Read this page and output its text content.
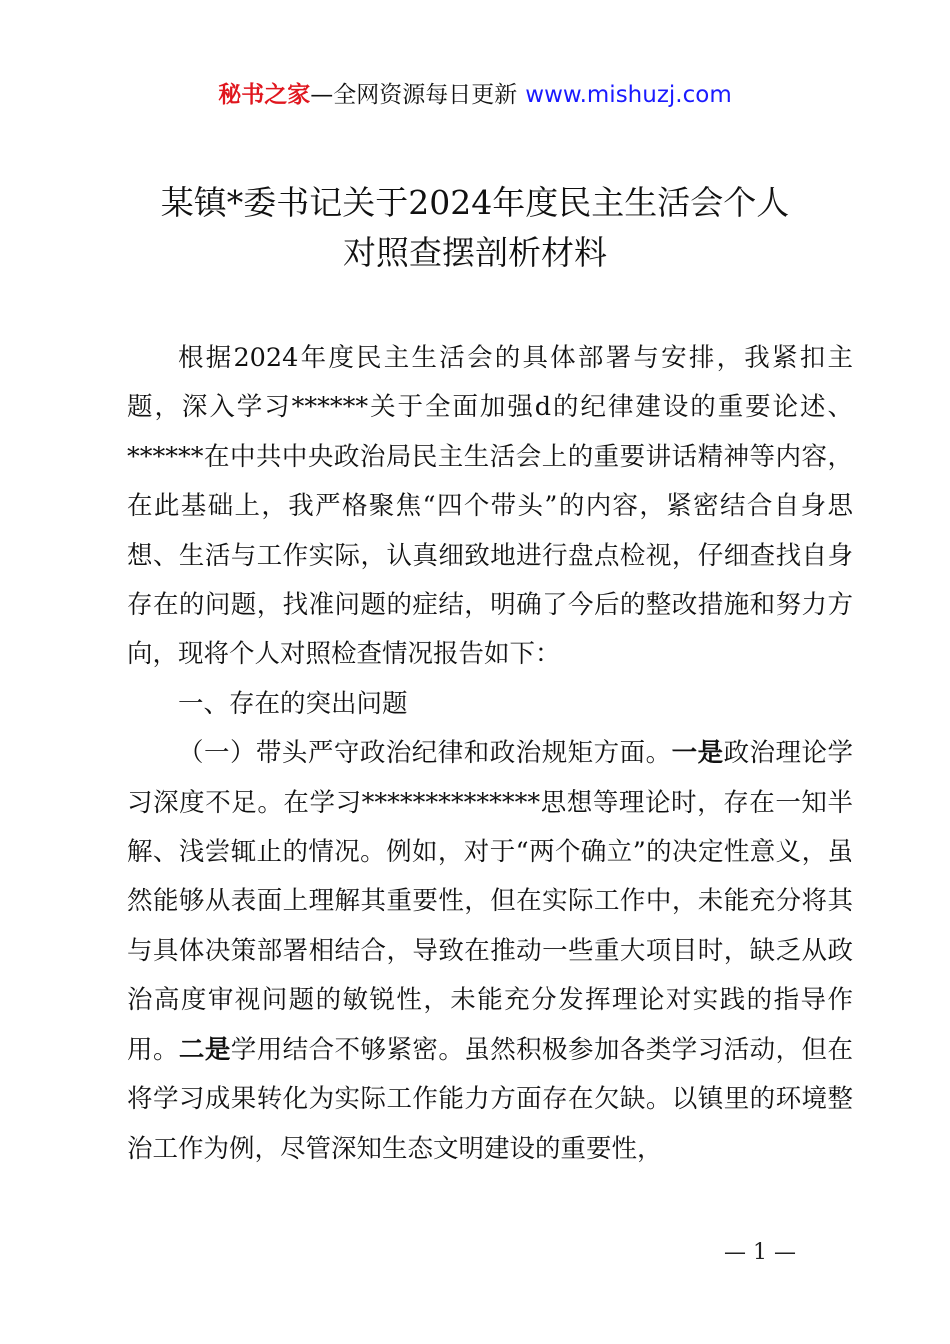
秘书之家—全网资源每日更新 www.mishuzj.com
某镇*委书记关于2024年度民主生活会个人
对照查摆剖析材料

根据2024年度民主生活会的具体部署与安排，我紧扣主题，深入学习******关于全面加强d的纪律建设的重要论述、******在中共中央政治局民主生活会上的重要讲话精神等内容，在此基础上，我严格聚焦“四个带头”的内容，紧密结合自身思想、生活与工作实际，认真细致地进行盘点检视，仔细查找自身存在的问题，找准问题的症结，明确了今后的整改措施和努力方向，现将个人对照检查情况报告如下：

一、存在的突出问题

（一）带头严守政治纪律和政治规矩方面。一是政治理论学习深度不足。在学习**************思想等理论时，存在一知半解、浅尝辄止的情况。例如，对于“两个确立”的决定性意义，虽然能够从表面上理解其重要性，但在实际工作中，未能充分将其与具体决策部署相结合，导致在推动一些重大项目时，缺乏从政治高度审视问题的敏锐性，未能充分发挥理论对实践的指导作用。二是学用结合不够紧密。虽然积极参加各类学习活动，但在将学习成果转化为实际工作能力方面存在欠缺。以镇里的环境整治工作为例，尽管深知生态文明建设的重要性，

— 1 —
